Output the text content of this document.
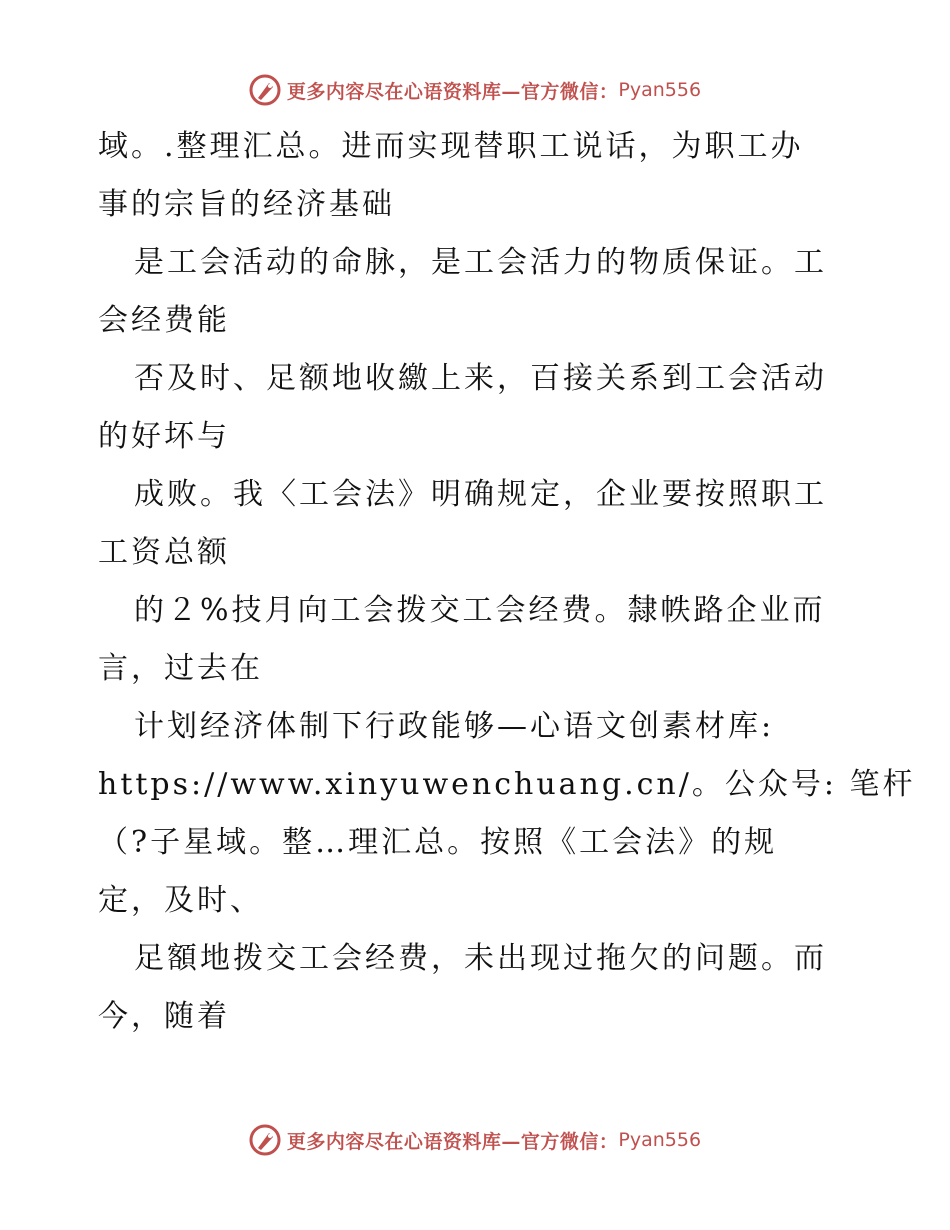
更多内容尽在心语资料库—官方微信： Pyan556
域。.整理汇总。进而实现替职工说话，为职工办
事的宗旨的经济基础
是工会活动的命脉，是工会活力的物质保证。工
会经费能
否及时、足额地收繳上来，百接关系到工会活动
的好坏与
成败。我〈工会法》明确规定，企业要按照职工
工资总额
的２%技月向工会拨交工会经费。隸帙路企业而
言，过去在
计划经济体制下行政能够—心语文创素材库:
https://www.xinyuwenchuang.cn/。公众号: 笔杆
（?子星域。整…理汇总。按照《工会法》的规
定，及时、
足額地拨交工会经费，未出现过拖欠的问题。而
今，随着
更多内容尽在心语资料库—官方微信： Pyan556
